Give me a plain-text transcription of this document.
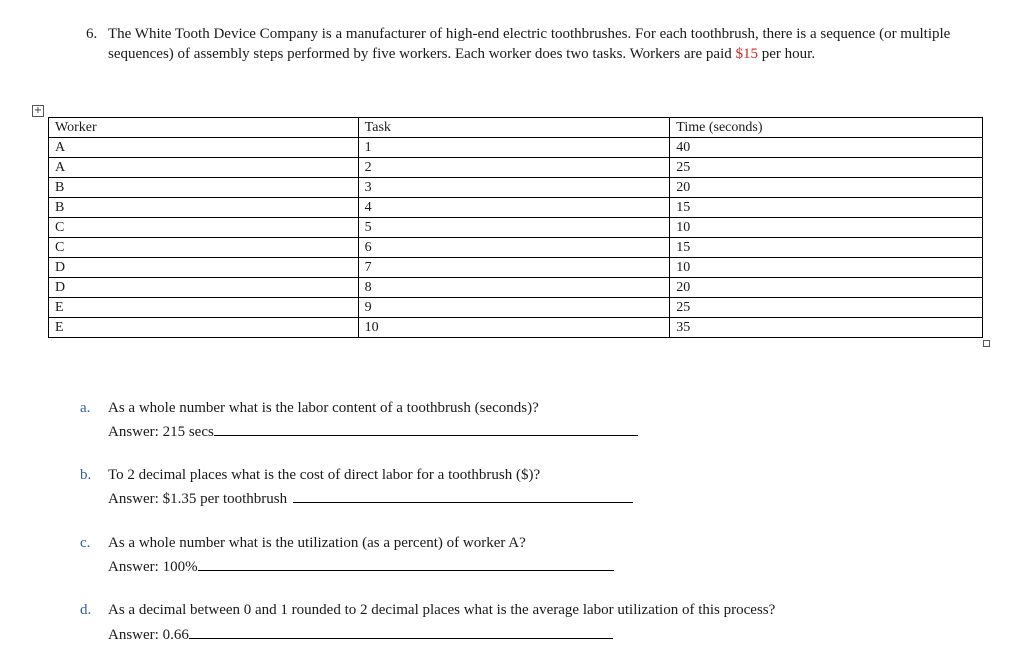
6. The White Tooth Device Company is a manufacturer of high-end electric toothbrushes. For each toothbrush, there is a sequence (or multiple sequences) of assembly steps performed by five workers. Each worker does two tasks. Workers are paid $15 per hour.
+
Worker	Task	Time (seconds)
A	1	40
A	2	25
B	3	20
B	4	15
C	5	10
C	6	15
D	7	10
D	8	20
E	9	25
E	10	35
a. As a whole number what is the labor content of a toothbrush (seconds)?
Answer: 215 secs
b. To 2 decimal places what is the cost of direct labor for a toothbrush ($)?
Answer: $1.35 per toothbrush
c. As a whole number what is the utilization (as a percent) of worker A?
Answer: 100%
d. As a decimal between 0 and 1 rounded to 2 decimal places what is the average labor utilization of this process?
Answer: 0.66
